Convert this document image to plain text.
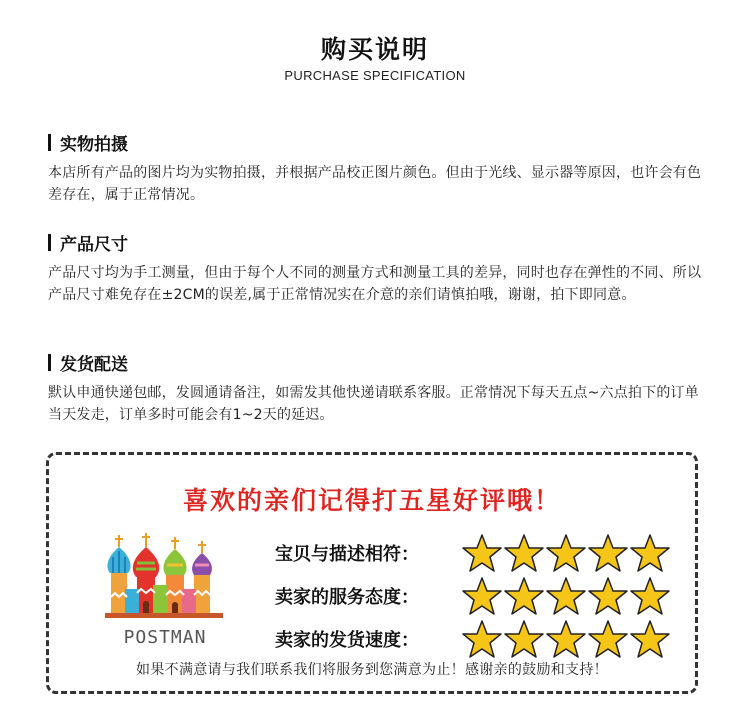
购买说明
PURCHASE SPECIFICATION
实物拍摄
本店所有产品的图片均为实物拍摄，并根据产品校正图片颜色。但由于光线、显示器等原因，也许会有色差存在，属于正常情况。
产品尺寸
产品尺寸均为手工测量，但由于每个人不同的测量方式和测量工具的差异，同时也存在弹性的不同、所以产品尺寸难免存在±2CM的误差,属于正常情况实在介意的亲们请慎拍哦，谢谢，拍下即同意。
发货配送
默认申通快递包邮，发圆通请备注，如需发其他快递请联系客服。正常情况下每天五点~六点拍下的订单当天发走，订单多时可能会有1~2天的延迟。
喜欢的亲们记得打五星好评哦！
POSTMAN
宝贝与描述相符：
卖家的服务态度：
卖家的发货速度：
如果不满意请与我们联系我们将服务到您满意为止！感谢亲的鼓励和支持！
